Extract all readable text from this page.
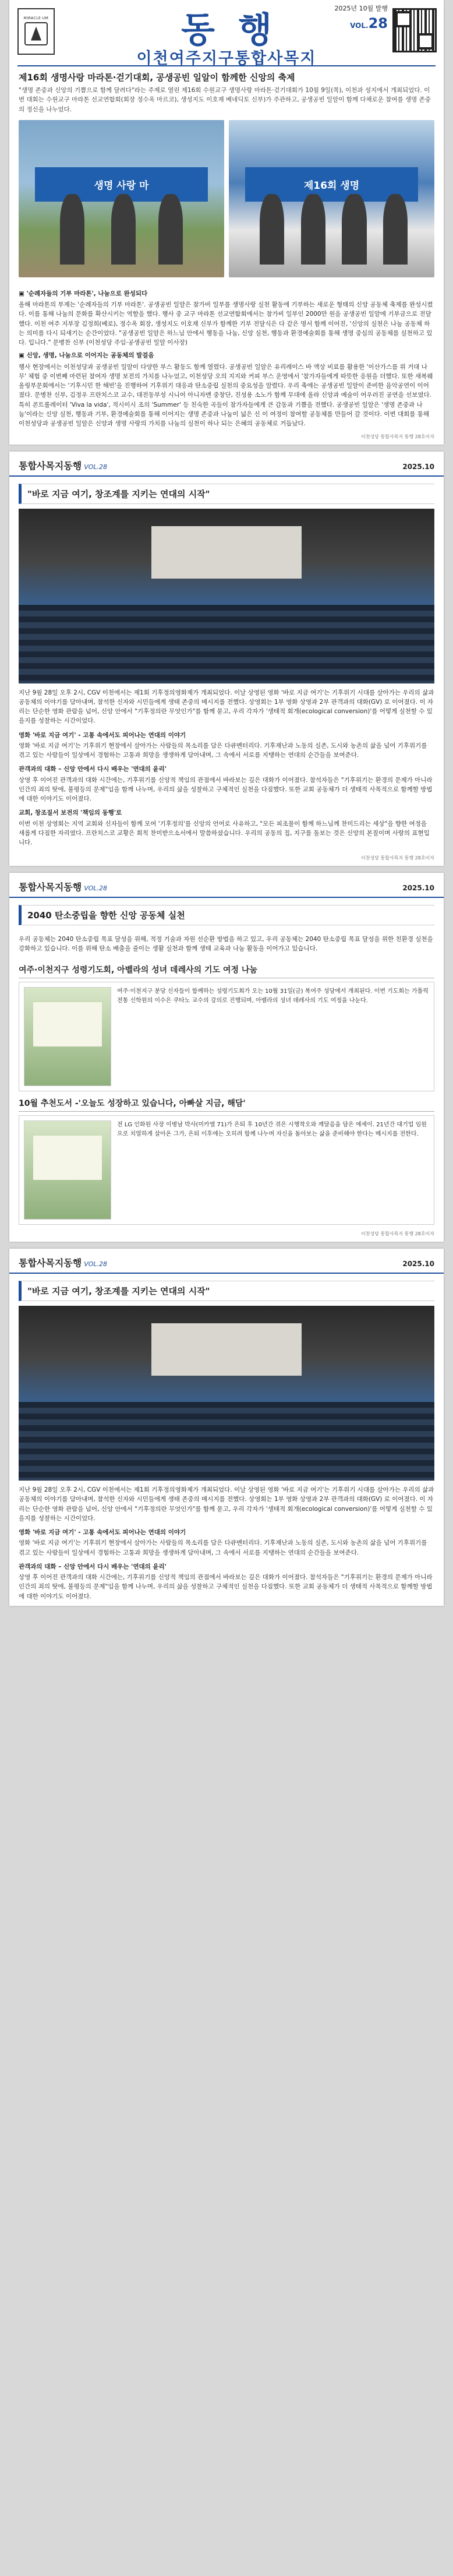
MIRACLE·UM	동행
이천여주지구통합사목지
2025년 10월 발행
VOL.28
제16회 생명사랑 마라톤·걷기대회, 공생공빈 일알이 함께한 신앙의 축제

"생명 존중과 신앙의 기쁨으로 함께 달려다"라는 주제로 열린 제16회 수원교구 생명사랑 마라톤·걷기대회가 10월 9일(목), 이천과 성지에서 개최되었다. 이번 대회는 수원교구 마라톤 선교연합회(회장 정수옥 마르코), 생성지도 이호재 베네딕토 신부)가 주관하고, 공생공빈 일알이 함께 다채로운 참여를 생명 존중의 정신을 나누었다.

생명 사랑 마	제16회 생명
▣ '순례자들의 기부 마라톤', 나눔으로 완성되다

올해 마라톤의 부제는 '순례자들의 기부 마라톤'. 공생공빈 일알은 참가비 일부를 생명사랑 실천 활동에 기부하는 새로운 형태의 신앙 공동체 축제를 완성시켰다. 이를 통해 나눔의 문화를 확산시키는 역할을 했다. 행사 중 교구 마라톤 선교연합회에서는 참가비 일부인 2000만 원을 공생공빈 일알에 기부금으로 전달했다. 이천 여주 지부장 김정희(베로), 정수옥 회장, 생성지도 이호재 신부가 함께한 기부 전달식은 다 같은 명서 함께 이어진, '신앙의 실천은 나눔 공동체 하는 의미를 다시 되새기는 순간이었다. "공생공빈 일알은 하느님 안에서 행동을 나눔, 신앙 실천, 행동과 환경예술회를 통해 생명 중심의 공동체를 실천하고 있다. 입니다." 문병찬 신부 (이천성당 주임·공생공빈 일알 이사장)

▣ 신앙, 생명, 나눔으로 이어지는 공동체의 발걸음

행사 현장에서는 이천성당과 공생공빈 일알이 다양한 부스 활동도 함께 열렸다. 공생공빈 일알은 유리레이스 바 액상 비료를 활용한 '이산가스를 위 거대 나무' 체험 중 이번째 마련된 참여자 생명 보전의 가치를 나누었고, 이천성당 오의 지지와 커피 부스 운영에서 '참가자들에게 따뜻한 응원을 더했다. 또한 새복웨올링부문회에서는 '기후시민 한 해빈'을 진행하여 기후위기 대응과 탄소중립 실천의 중요성을 알렸다. 우리 축에는 공생공빈 일알이 준비한 음악공연이 이어졌다. 문병찬 신부, 김정우 프란치스코 교수, 대전동부성 시니어 아니자맨 중창단, 진성용 소노가 함께 무대에 올라 신앙과 예술이 어우러진 공연을 선보였다. 특히 콘트롤레이터 'Viva la vida', 적시이시 조의 'Summer' 등 친숙한 곡들이 참가자들에게 큰 감동과 기쁨을 전했다. 공생공빈 일알은 '생명 존중과 나눔'이라는 신앙 실천, 행동과 기부, 환경예술회를 통해 이어지는 생명 존중과 나눔이 넓은 신 이 여정이 참여할 공동체를 만들어 갈 것이다. 이번 대회를 통해 이천성당과 공생공빈 일알은 신앙과 생명 사랑의 가치를 나눔의 실천이 하나 되는 은혜의 공동체로 거듭났다.

이천성당 통합사목지 통행 28호이자
통합사목지동행 VOL.28	2025.10
"바로 지금 여기, 창조계를 지키는 연대의 시작"

지난 9월 28일 오후 2시, CGV 이천에서는 제1회 기후정의영화제가 개최되었다. 이날 상영된 영화 '바로 지금 여기'는 기후위기 시대를 살아가는 우리의 삶과 공동체의 이야기를 담아내며, 참석한 신자와 시민들에게 생태 존중의 메시지를 전했다. 상영회는 1부 영화 상영과 2부 관객과의 대화(GV) 로 이어졌다. 이 자리는 단순한 영화 관람을 넘어, 신앙 안에서 "기후정의란 무엇인가"를 함께 묻고, 우리 각자가 '생태적 회개(ecological conversion)'를 어떻게 실천할 수 있을지를 성찰하는 시간이었다.

영화 '바로 지금 여기' - 고통 속에서도 피어나는 연대의 이야기

영화 '바로 지금 여기'는 기후위기 현장에서 살아가는 사람들의 목소리를 담은 다큐멘터리다. 기후재난과 노동의 실존, 도시와 농촌의 삶을 넘어 기후위기를 겪고 있는 사람들이 일상에서 경험하는 고통과 희망을 생생하게 담아내며, 그 속에서 서로를 지탱하는 연대의 순간들을 보여준다.

관객과의 대화 – 신앙 안에서 다시 배우는 '연대의 윤리'

상영 후 이어진 관객과의 대화 시간에는, 기후위기를 신앙적 책임의 관점에서 바라보는 깊은 대화가 이어졌다. 참석자들은 "기후위기는 환경의 문제가 아니라 인간의 죄의 탓에, 불평등의 문제"임을 함께 나누며, 우리의 삶을 성찰하고 구체적인 실천을 다짐했다. 또한 교회 공동체가 더 생태적 사목적으로 함께할 방법에 대한 이야기도 이어졌다.

교회, 창조질서 보전의 '책임의 동행'로

이번 이천 상영회는 지역 교회와 신자들이 함께 모여 '기후정의'를 신앙의 언어로 사유하고, "모든 피조물이 함께 하느님께 찬미드리는 세상"을 향한 여정을 새롭게 다짐한 자리였다. 프란치스코 교황은 회칙 찬미받으소서에서 말씀하셨습니다. 우리의 공동의 집, 지구를 돌보는 것은 신앙의 본질이며 사랑의 표현입니다.

이천성당 통합사목지 통행 28호이자
통합사목지동행 VOL.28	2025.10
2040 탄소중립을 향한 신앙 공동체 실천

우리 공동체는 2040 탄소중립 목표 달성을 위해, 적정 기술과 자원 선순환 방법을 하고 있고, 우리 공동체는 2040 탄소중립 목표 달성을 위한 친환경 실천을 강화하고 있습니다. 이를 위해 탄소 배출을 줄이는 생활 실천과 함께 생태 교육과 나눔 활동을 이어가고 있습니다.

여주·이천지구 성령기도회, 아벨라의 성녀 데레사의 기도 여정 나눔
여주·이천지구 분당 신자들이 함께하는 성령기도회가 오는 10월 31일(금) 복여주 성당에서 개최된다. 이번 기도회는 가톨릭 전통 신학원의 이수은 쿠타노 교수의 강의로 진행되며, 아벨라의 성녀 데레사의 기도 여정을 나눈다.
10월 추천도서 -'오늘도 성장하고 있습니다, 아빠살 지금, 해담'
전 LG 인화원 사장 이병남 박사(미카엘 71)가 은퇴 후 10년간 겪은 시행착오와 깨달음을 담은 에세이. 21년간 대기업 임원으로 치열하게 살아온 그가, 은퇴 이후에는 오히려 함께 나누며 자신을 돌아보는 삶을 준비해야 한다는 메시지를 전한다.
이천성당 통합사목지 통행 28호이자
통합사목지동행 VOL.28	2025.10
"바로 지금 여기, 창조계를 지키는 연대의 시작"

지난 9월 28일 오후 2시, CGV 이천에서는 제1회 기후정의영화제가 개최되었다. 이날 상영된 영화 '바로 지금 여기'는 기후위기 시대를 살아가는 우리의 삶과 공동체의 이야기를 담아내며, 참석한 신자와 시민들에게 생태 존중의 메시지를 전했다. 상영회는 1부 영화 상영과 2부 관객과의 대화(GV) 로 이어졌다. 이 자리는 단순한 영화 관람을 넘어, 신앙 안에서 "기후정의란 무엇인가"를 함께 묻고, 우리 각자가 '생태적 회개(ecological conversion)'를 어떻게 실천할 수 있을지를 성찰하는 시간이었다.

영화 '바로 지금 여기' - 고통 속에서도 피어나는 연대의 이야기

영화 '바로 지금 여기'는 기후위기 현장에서 살아가는 사람들의 목소리를 담은 다큐멘터리다. 기후재난과 노동의 실존, 도시와 농촌의 삶을 넘어 기후위기를 겪고 있는 사람들이 일상에서 경험하는 고통과 희망을 생생하게 담아내며, 그 속에서 서로를 지탱하는 연대의 순간들을 보여준다.

관객과의 대화 – 신앙 안에서 다시 배우는 '연대의 윤리'

상영 후 이어진 관객과의 대화 시간에는, 기후위기를 신앙적 책임의 관점에서 바라보는 깊은 대화가 이어졌다. 참석자들은 "기후위기는 환경의 문제가 아니라 인간의 죄의 탓에, 불평등의 문제"임을 함께 나누며, 우리의 삶을 성찰하고 구체적인 실천을 다짐했다. 또한 교회 공동체가 더 생태적 사목적으로 함께할 방법에 대한 이야기도 이어졌다.
